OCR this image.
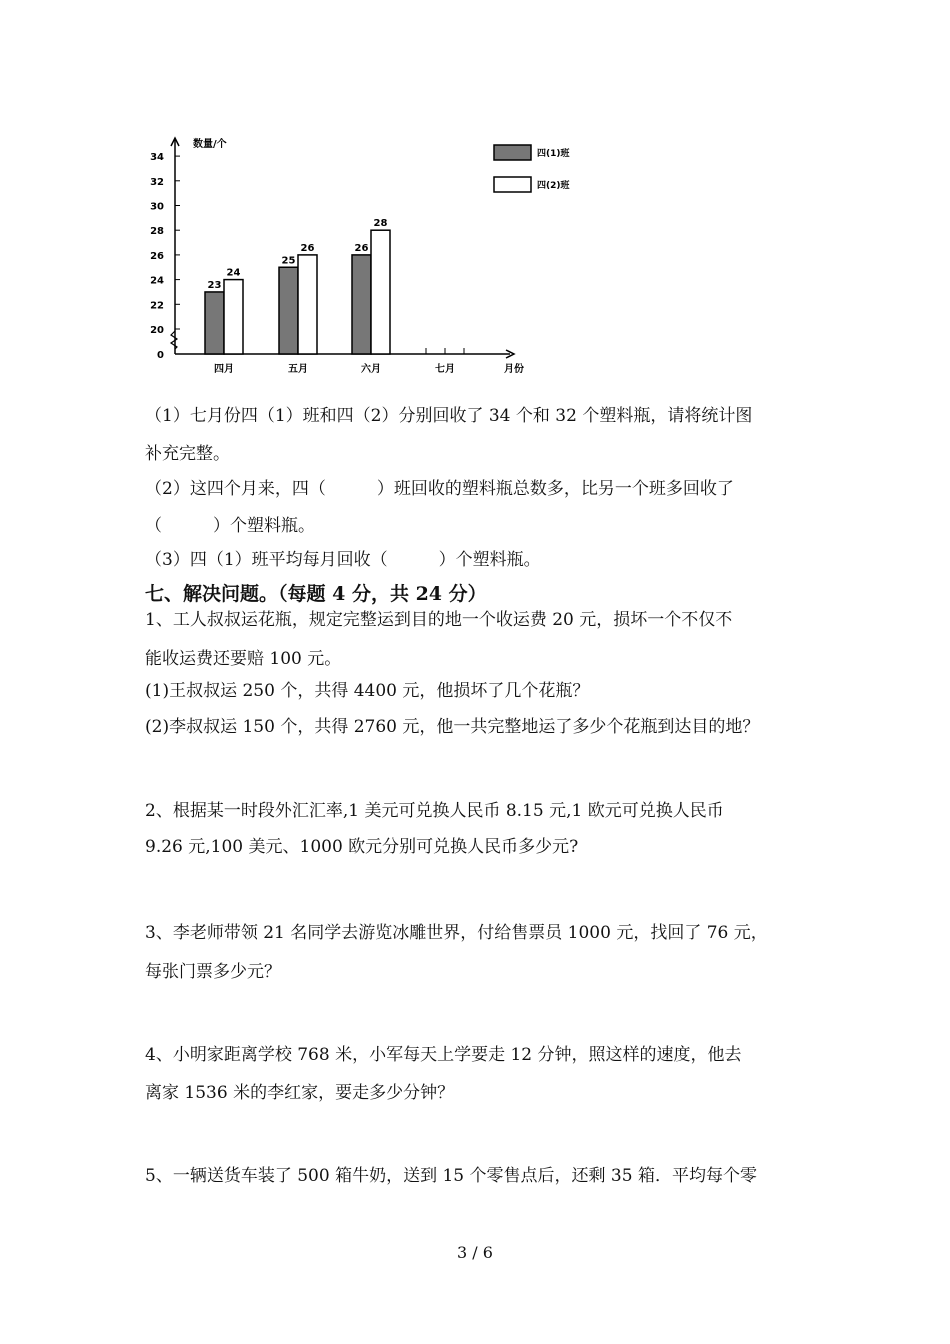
34
32
30
28
26
24
22
20
0
数量/个
月份
23
24
四月
25
26
五月
26
28
六月	七月
四(1)班
四(2)班
（1）七月份四（1）班和四（2）分别回收了 34 个和 32 个塑料瓶，请将统计图
补充完整。
（2）这四个月来，四（　　　）班回收的塑料瓶总数多，比另一个班多回收了
（　　　）个塑料瓶。
（3）四（1）班平均每月回收（　　　）个塑料瓶。
七、解决问题。（每题 4 分，共 24 分）
1、工人叔叔运花瓶，规定完整运到目的地一个收运费 20 元，损坏一个不仅不
能收运费还要赔 100 元。
(1)王叔叔运 250 个，共得 4400 元，他损坏了几个花瓶？
(2)李叔叔运 150 个，共得 2760 元，他一共完整地运了多少个花瓶到达目的地？
2、根据某一时段外汇汇率,1 美元可兑换人民币 8.15 元,1 欧元可兑换人民币
9.26 元,100 美元、1000 欧元分别可兑换人民币多少元?
3、李老师带领 21 名同学去游览冰雕世界，付给售票员 1000 元，找回了 76 元，
每张门票多少元？
4、小明家距离学校 768 米，小军每天上学要走 12 分钟，照这样的速度，他去
离家 1536 米的李红家，要走多少分钟？
5、一辆送货车装了 500 箱牛奶，送到 15 个零售点后，还剩 35 箱．平均每个零
3 / 6
